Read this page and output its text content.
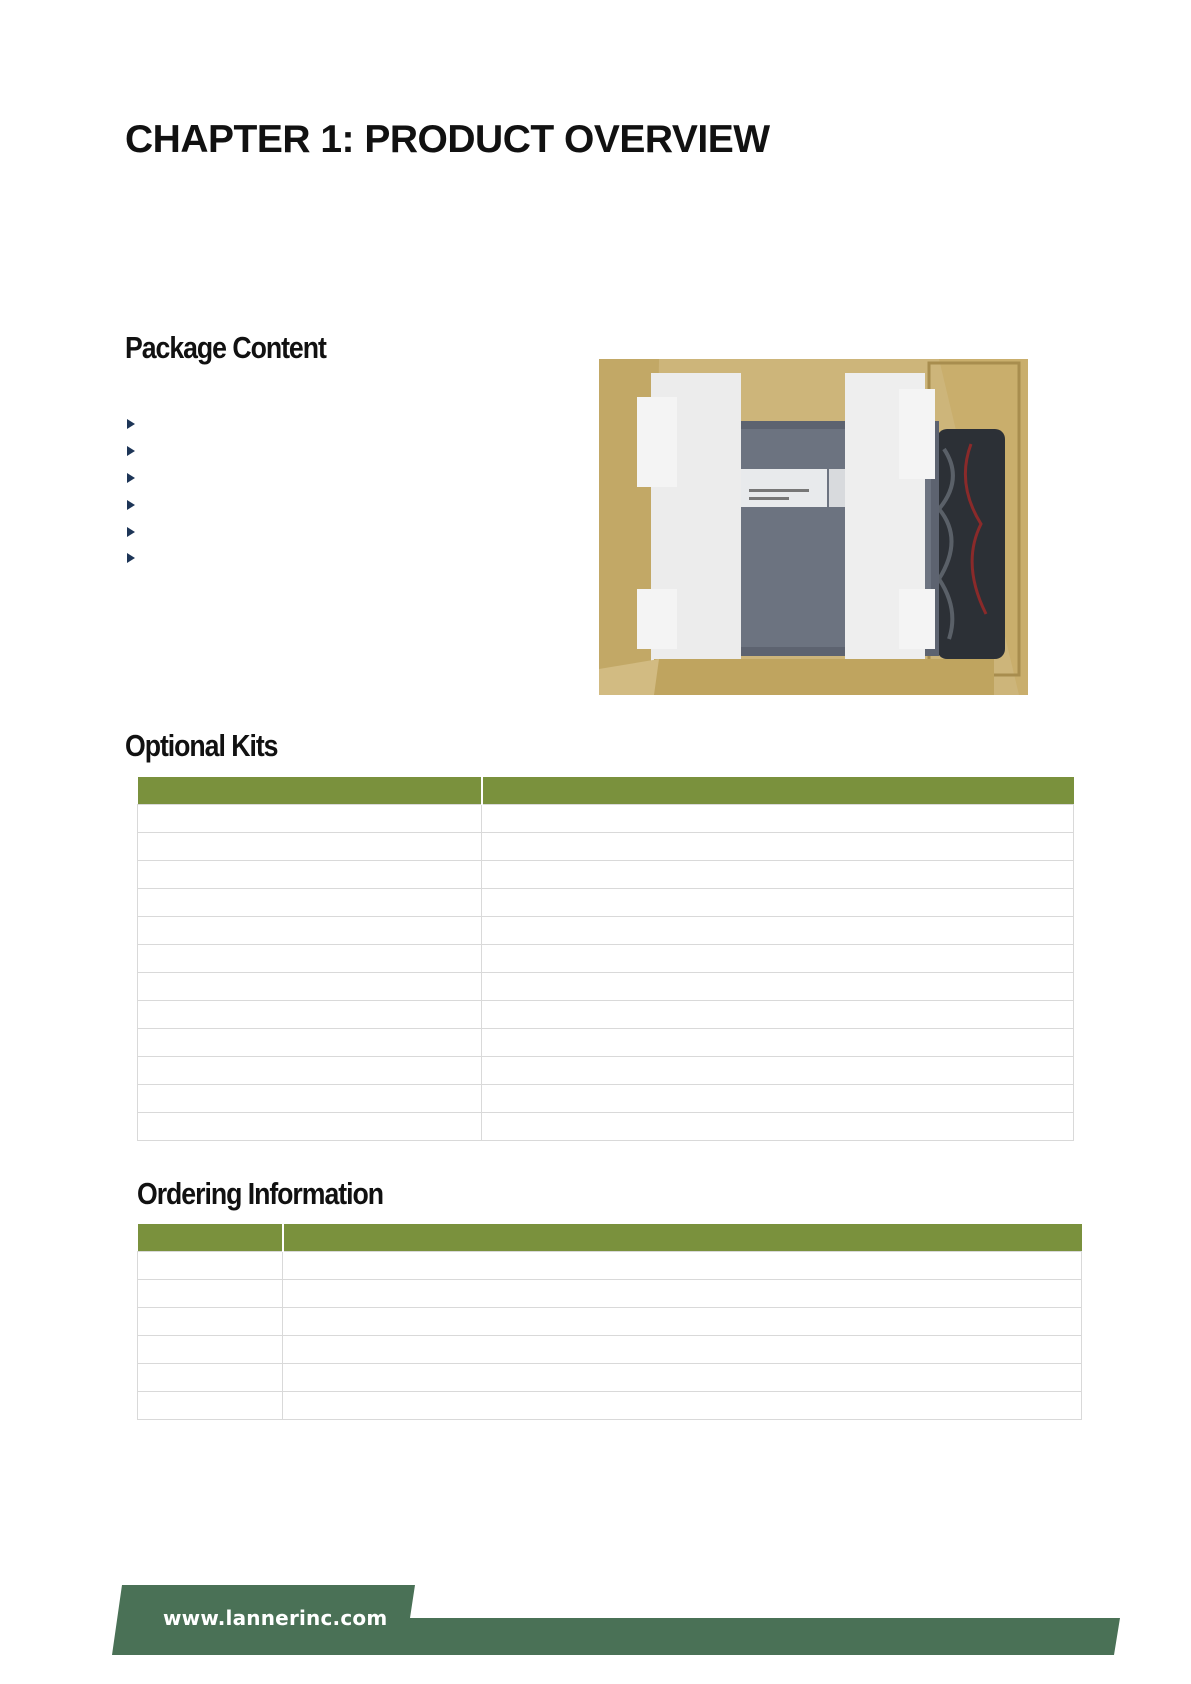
CHAPTER 1: PRODUCT OVERVIEW
Package Content
Optional Kits

Ordering Information

www.lannerinc.com
